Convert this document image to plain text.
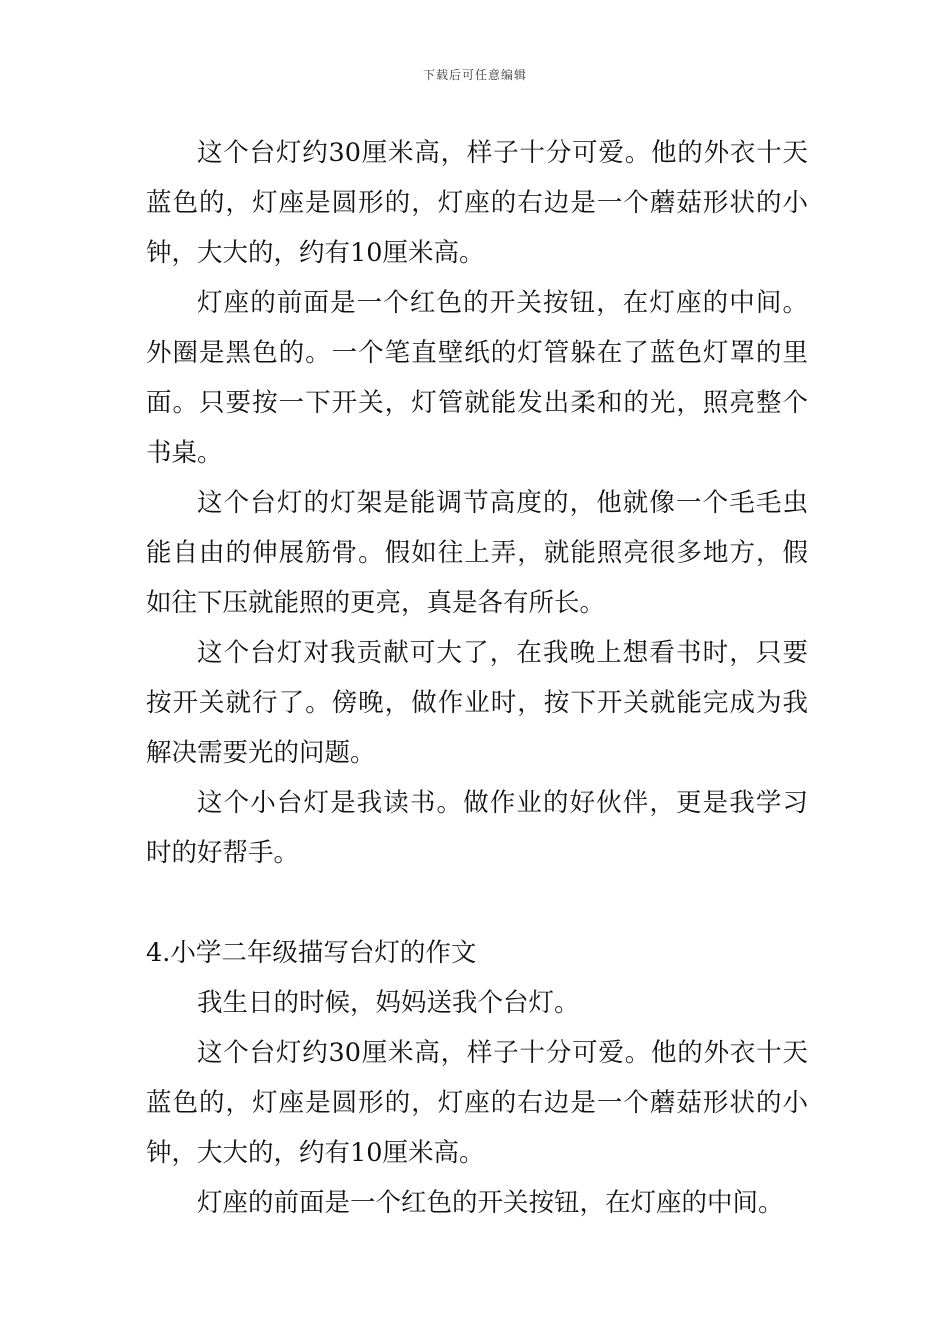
下载后可任意编辑

这个台灯约30厘米高，样子十分可爱。他的外衣十天蓝色的，灯座是圆形的，灯座的右边是一个蘑菇形状的小钟，大大的，约有10厘米高。

灯座的前面是一个红色的开关按钮，在灯座的中间。外圈是黑色的。一个笔直壁纸的灯管躲在了蓝色灯罩的里面。只要按一下开关，灯管就能发出柔和的光，照亮整个书桌。

这个台灯的灯架是能调节高度的，他就像一个毛毛虫能自由的伸展筋骨。假如往上弄，就能照亮很多地方，假如往下压就能照的更亮，真是各有所长。

这个台灯对我贡献可大了，在我晚上想看书时，只要按开关就行了。傍晚，做作业时，按下开关就能完成为我解决需要光的问题。

这个小台灯是我读书。做作业的好伙伴，更是我学习时的好帮手。

4.小学二年级描写台灯的作文

我生日的时候，妈妈送我个台灯。

这个台灯约30厘米高，样子十分可爱。他的外衣十天蓝色的，灯座是圆形的，灯座的右边是一个蘑菇形状的小钟，大大的，约有10厘米高。

灯座的前面是一个红色的开关按钮，在灯座的中间。
